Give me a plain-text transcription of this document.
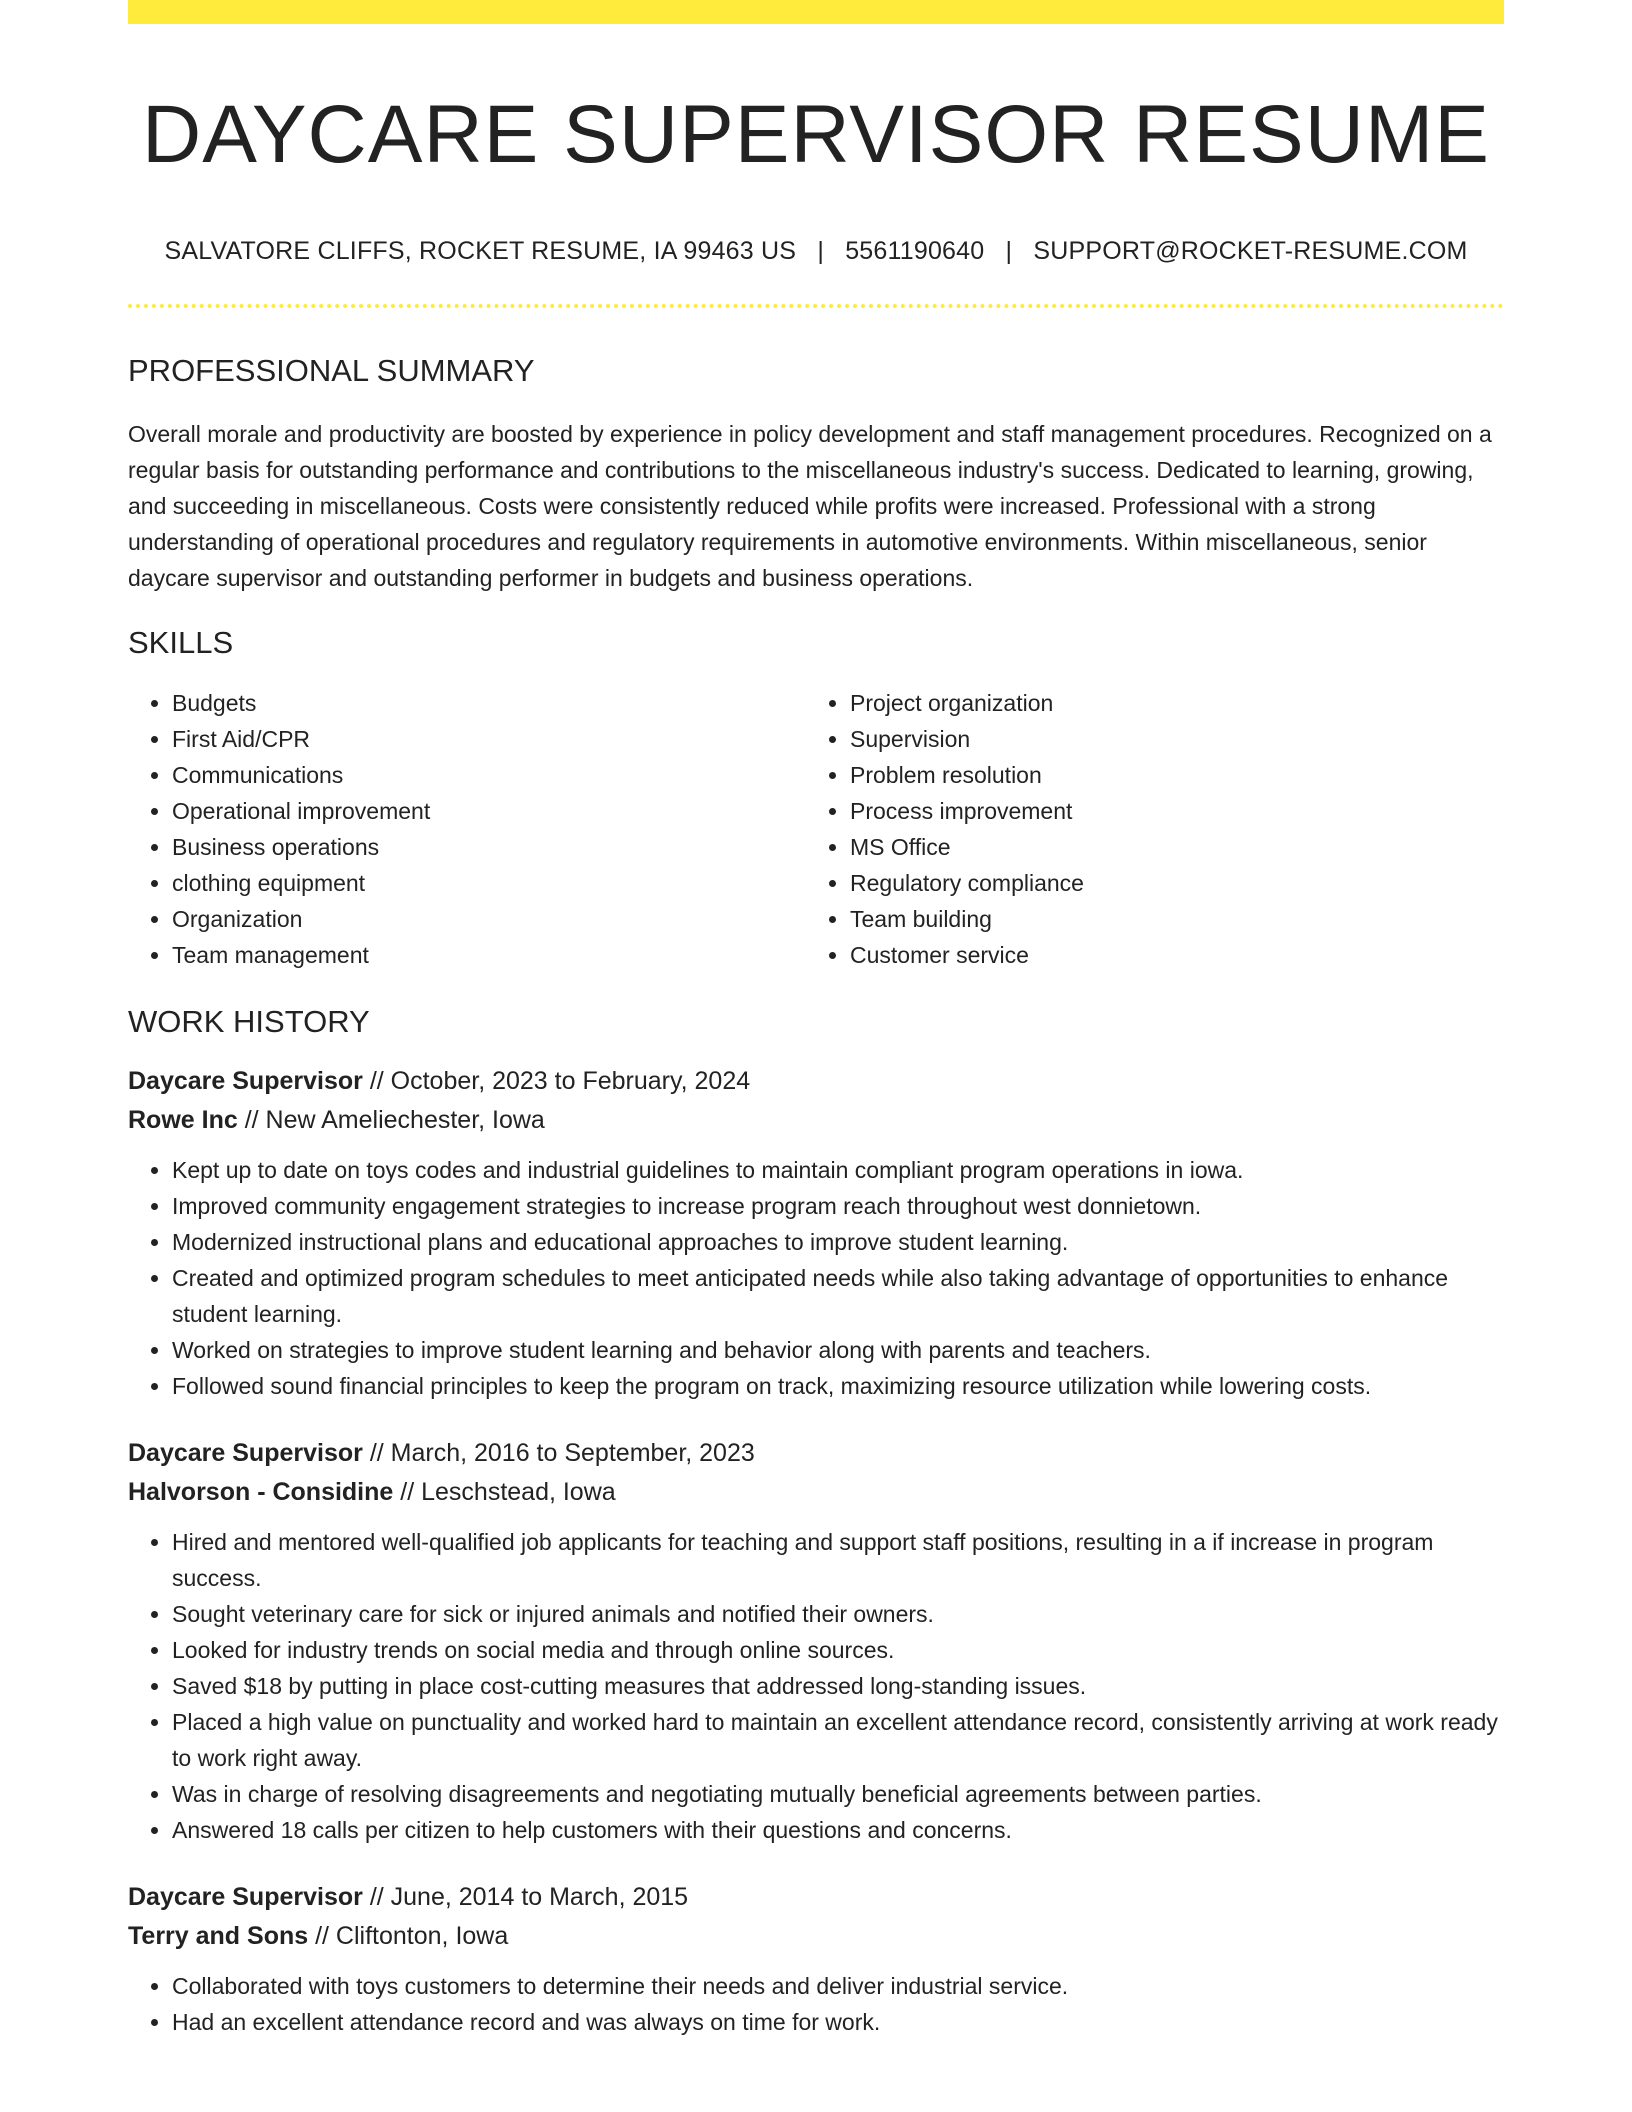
DAYCARE SUPERVISOR RESUME
SALVATORE CLIFFS, ROCKET RESUME, IA 99463 US | 5561190640 | SUPPORT@ROCKET-RESUME.COM
PROFESSIONAL SUMMARY
Overall morale and productivity are boosted by experience in policy development and staff management procedures. Recognized on a regular basis for outstanding performance and contributions to the miscellaneous industry's success. Dedicated to learning, growing, and succeeding in miscellaneous. Costs were consistently reduced while profits were increased. Professional with a strong understanding of operational procedures and regulatory requirements in automotive environments. Within miscellaneous, senior daycare supervisor and outstanding performer in budgets and business operations.
SKILLS
• Budgets
• First Aid/CPR
• Communications
• Operational improvement
• Business operations
• clothing equipment
• Organization
• Team management
• Project organization
• Supervision
• Problem resolution
• Process improvement
• MS Office
• Regulatory compliance
• Team building
• Customer service
WORK HISTORY
Daycare Supervisor // October, 2023 to February, 2024
Rowe Inc // New Ameliechester, Iowa
• Kept up to date on toys codes and industrial guidelines to maintain compliant program operations in iowa.
• Improved community engagement strategies to increase program reach throughout west donnietown.
• Modernized instructional plans and educational approaches to improve student learning.
• Created and optimized program schedules to meet anticipated needs while also taking advantage of opportunities to enhance student learning.
• Worked on strategies to improve student learning and behavior along with parents and teachers.
• Followed sound financial principles to keep the program on track, maximizing resource utilization while lowering costs.
Daycare Supervisor // March, 2016 to September, 2023
Halvorson - Considine // Leschstead, Iowa
• Hired and mentored well-qualified job applicants for teaching and support staff positions, resulting in a if increase in program success.
• Sought veterinary care for sick or injured animals and notified their owners.
• Looked for industry trends on social media and through online sources.
• Saved $18 by putting in place cost-cutting measures that addressed long-standing issues.
• Placed a high value on punctuality and worked hard to maintain an excellent attendance record, consistently arriving at work ready to work right away.
• Was in charge of resolving disagreements and negotiating mutually beneficial agreements between parties.
• Answered 18 calls per citizen to help customers with their questions and concerns.
Daycare Supervisor // June, 2014 to March, 2015
Terry and Sons // Cliftonton, Iowa
• Collaborated with toys customers to determine their needs and deliver industrial service.
• Had an excellent attendance record and was always on time for work.
